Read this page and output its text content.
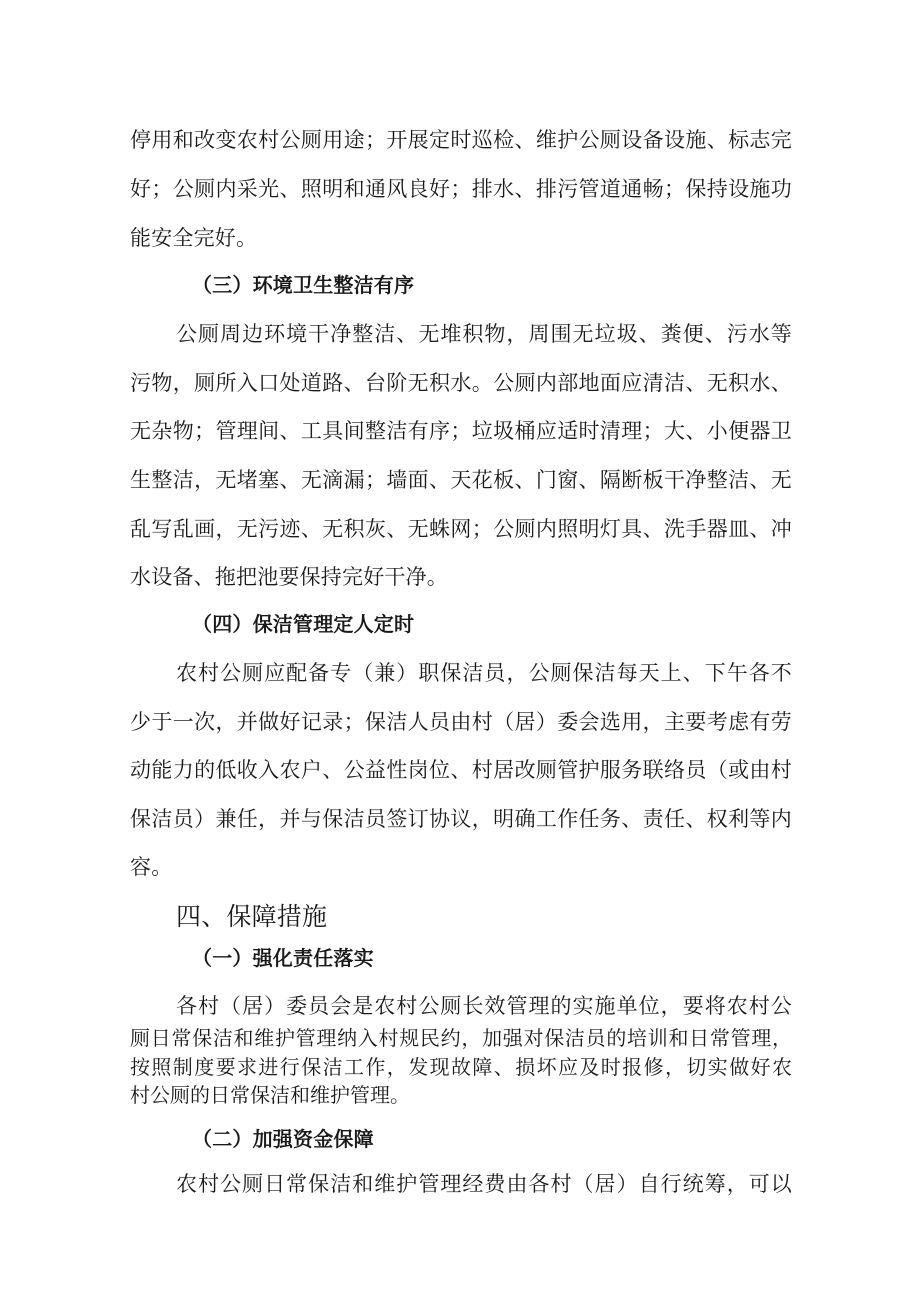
停用和改变农村公厕用途；开展定时巡检、维护公厕设备设施、标志完
好；公厕内采光、照明和通风良好；排水、排污管道通畅；保持设施功
能安全完好。
（三）环境卫生整洁有序
公厕周边环境干净整洁、无堆积物，周围无垃圾、粪便、污水等
污物，厕所入口处道路、台阶无积水。公厕内部地面应清洁、无积水、
无杂物；管理间、工具间整洁有序；垃圾桶应适时清理；大、小便器卫
生整洁，无堵塞、无滴漏；墙面、天花板、门窗、隔断板干净整洁、无
乱写乱画，无污迹、无积灰、无蛛网；公厕内照明灯具、洗手器皿、冲
水设备、拖把池要保持完好干净。
（四）保洁管理定人定时
农村公厕应配备专（兼）职保洁员，公厕保洁每天上、下午各不
少于一次，并做好记录；保洁人员由村（居）委会选用，主要考虑有劳
动能力的低收入农户、公益性岗位、村居改厕管护服务联络员（或由村
保洁员）兼任，并与保洁员签订协议，明确工作任务、责任、权利等内
容。
四、保障措施
（一）强化责任落实
各村（居）委员会是农村公厕长效管理的实施单位，要将农村公
厕日常保洁和维护管理纳入村规民约，加强对保洁员的培训和日常管理，
按照制度要求进行保洁工作，发现故障、损坏应及时报修，切实做好农
村公厕的日常保洁和维护管理。
（二）加强资金保障
农村公厕日常保洁和维护管理经费由各村（居）自行统筹，可以
